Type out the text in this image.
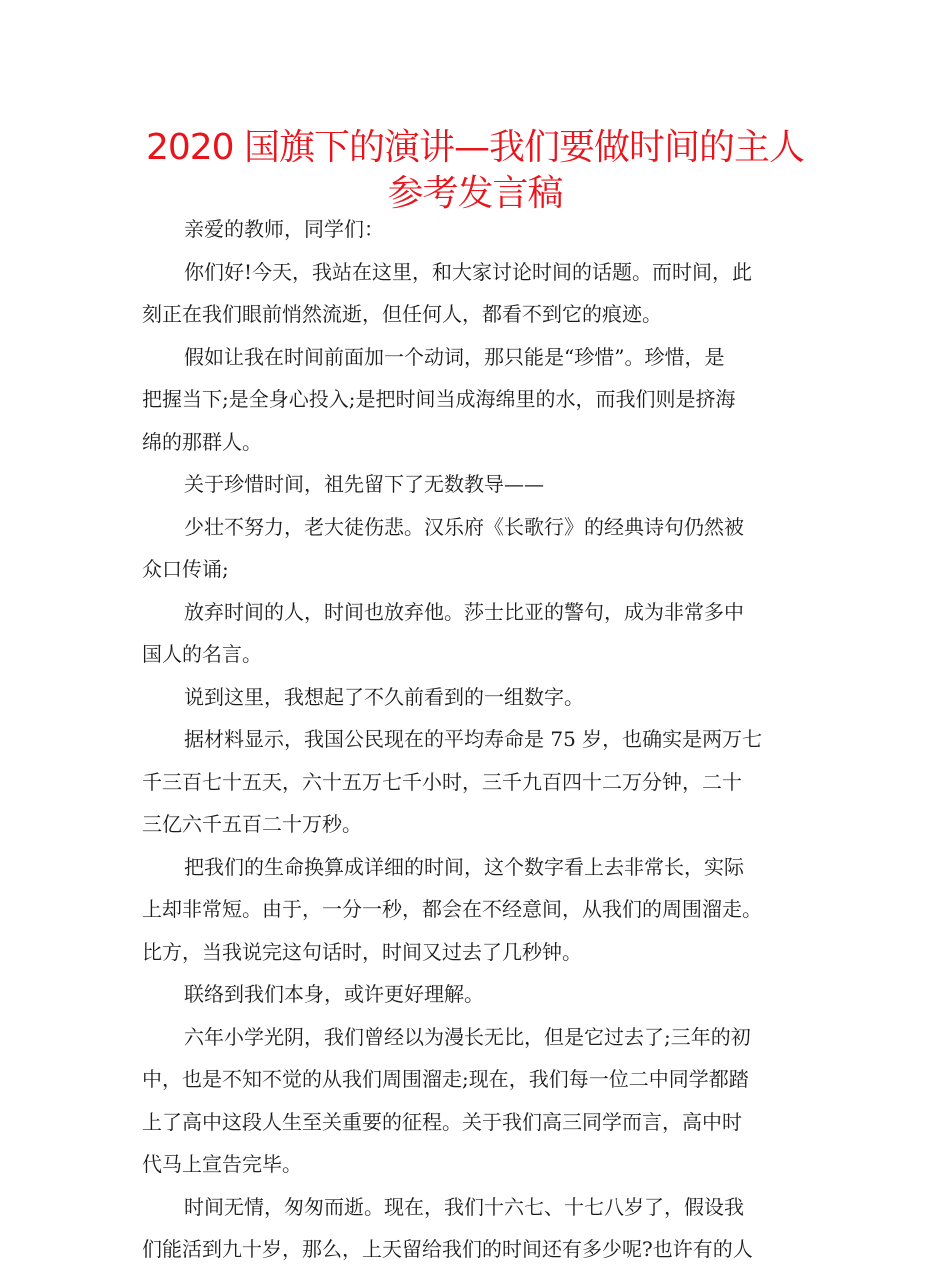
2020 国旗下的演讲—我们要做时间的主人
参考发言稿

亲爱的教师，同学们：

你们好!今天，我站在这里，和大家讨论时间的话题。而时间，此
刻正在我们眼前悄然流逝，但任何人，都看不到它的痕迹。

假如让我在时间前面加一个动词，那只能是“珍惜”。珍惜，是
把握当下;是全身心投入;是把时间当成海绵里的水，而我们则是挤海
绵的那群人。

关于珍惜时间，祖先留下了无数教导——

少壮不努力，老大徒伤悲。汉乐府《长歌行》的经典诗句仍然被
众口传诵;

放弃时间的人，时间也放弃他。莎士比亚的警句，成为非常多中
国人的名言。

说到这里，我想起了不久前看到的一组数字。

据材料显示，我国公民现在的平均寿命是 75 岁，也确实是两万七
千三百七十五天，六十五万七千小时，三千九百四十二万分钟，二十
三亿六千五百二十万秒。

把我们的生命换算成详细的时间，这个数字看上去非常长，实际
上却非常短。由于，一分一秒，都会在不经意间，从我们的周围溜走。
比方，当我说完这句话时，时间又过去了几秒钟。

联络到我们本身，或许更好理解。

六年小学光阴，我们曾经以为漫长无比，但是它过去了;三年的初
中，也是不知不觉的从我们周围溜走;现在，我们每一位二中同学都踏
上了高中这段人生至关重要的征程。关于我们高三同学而言，高中时
代马上宣告完毕。

时间无情，匆匆而逝。现在，我们十六七、十七八岁了，假设我
们能活到九十岁，那么，上天留给我们的时间还有多少呢?也许有的人
